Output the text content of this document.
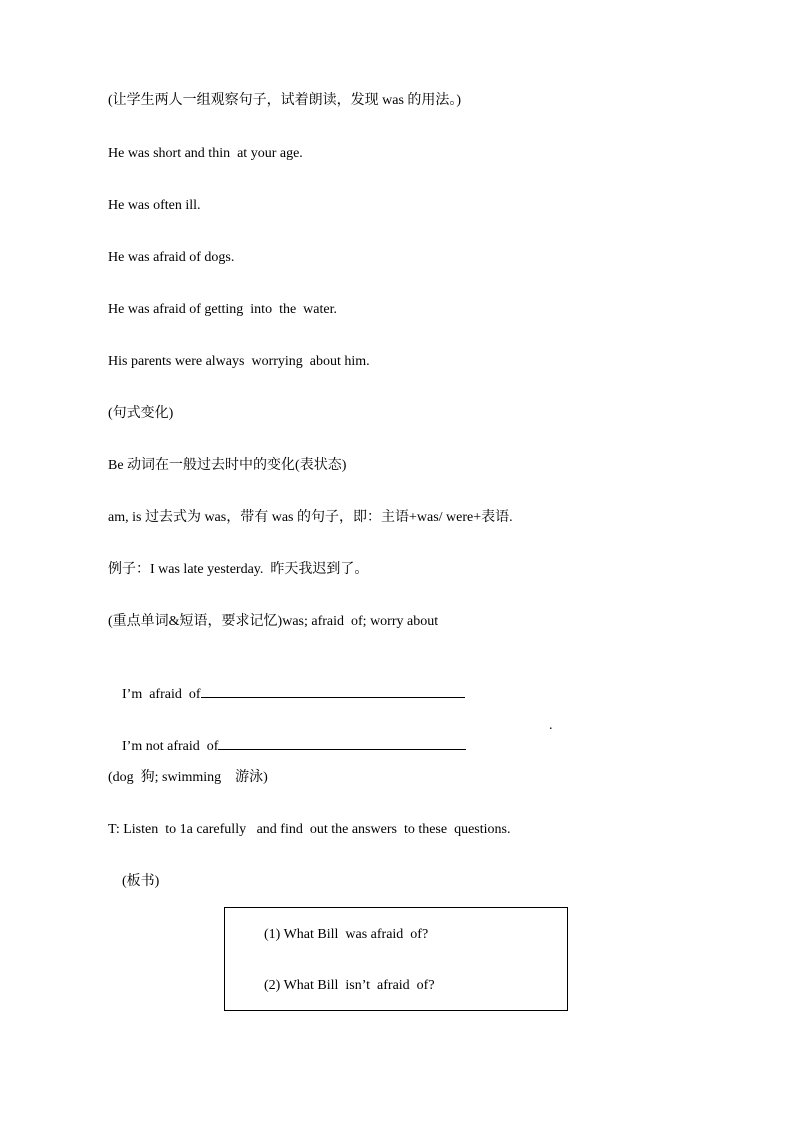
(让学生两人一组观察句子，试着朗读，发现 was 的用法。)
He was short and thin  at your age.
He was often ill.
He was afraid of dogs.
He was afraid of getting  into  the  water.
His parents were always  worrying  about him.
(句式变化)
Be 动词在一般过去时中的变化(表状态)
am, is 过去式为 was，带有 was 的句子，即：主语+was/ were+表语.
例子：I was late yesterday.  昨天我迟到了。
(重点单词&短语，要求记忆)was; afraid  of; worry about

I’m  afraid  of

I’m not afraid  of

.
(dog  狗; swimming    游泳)
T: Listen  to 1a carefully   and find  out the answers  to these  questions.
(板书)
(1) What Bill  was afraid  of?
(2) What Bill  isn’t  afraid  of?
